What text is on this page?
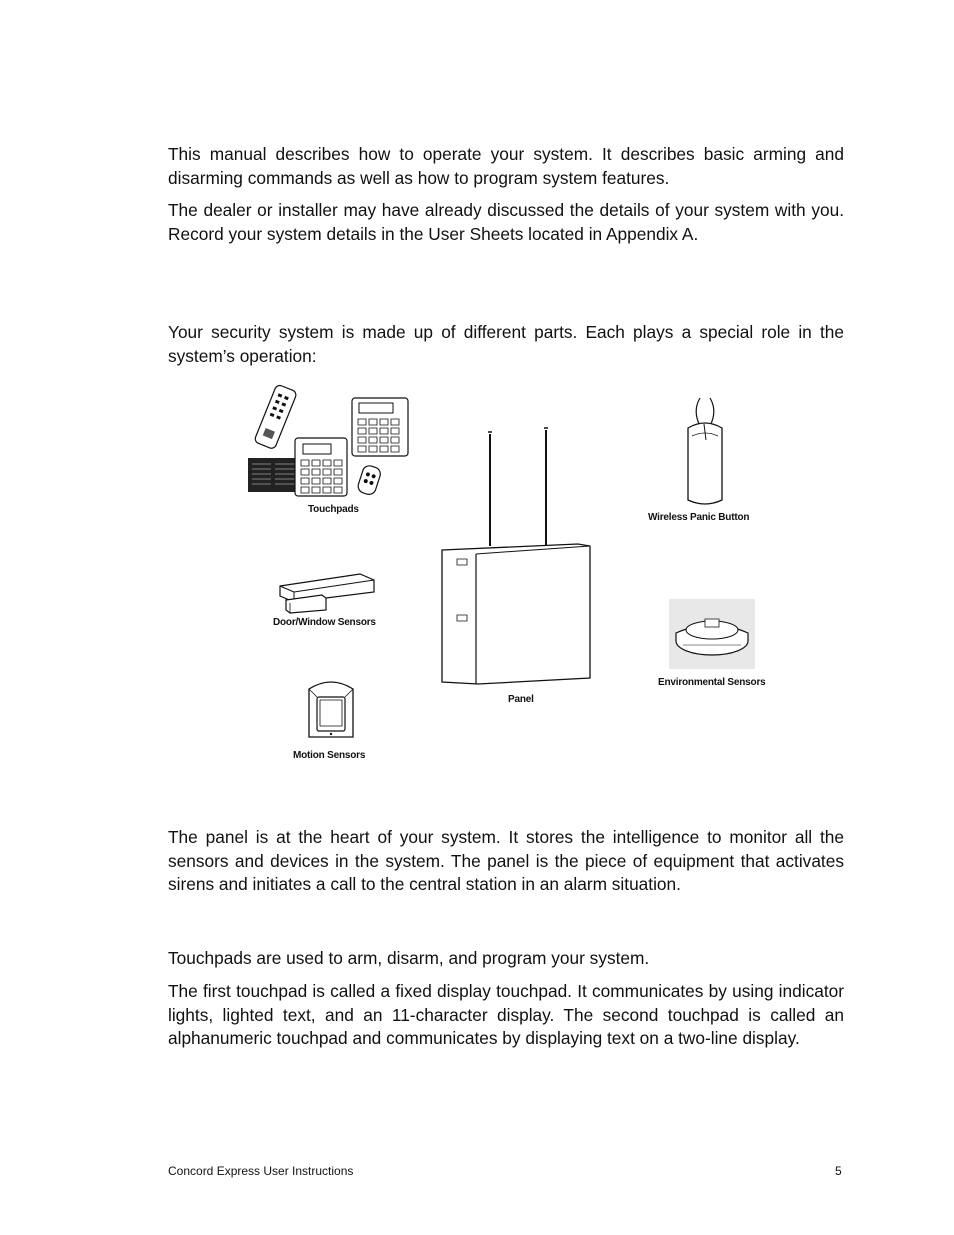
This manual describes how to operate your system. It describes basic arming and disarming commands as well as how to program system features.

The dealer or installer may have already discussed the details of your system with you. Record your system details in the User Sheets located in Appendix A.

Your security system is made up of different parts. Each plays a special role in the system’s operation:

Touchpads
Panel
Wireless Panic Button
Door/Window Sensors
Environmental Sensors
Motion Sensors

The panel is at the heart of your system. It stores the intelligence to monitor all the sensors and devices in the system. The panel is the piece of equipment that activates sirens and initiates a call to the central station in an alarm situation.

Touchpads are used to arm, disarm, and program your system.

The first touchpad is called a fixed display touchpad. It communicates by using indicator lights, lighted text, and an 11-character display. The second touchpad is called an alphanumeric touchpad and communicates by displaying text on a two-line display.

Concord Express User Instructions	5
